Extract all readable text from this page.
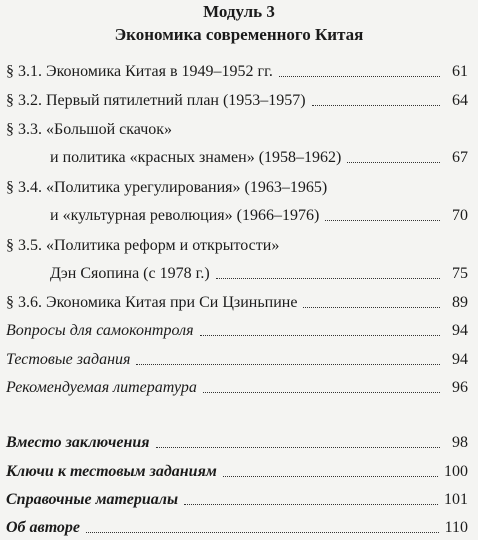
Модуль 3
Экономика современного Китая
§ 3.1. Экономика Китая в 1949–1952 гг.	61
§ 3.2. Первый пятилетний план (1953–1957)	64
§ 3.3. «Большой скачок»
и политика «красных знамен» (1958–1962)	67
§ 3.4. «Политика урегулирования» (1963–1965)
и «культурная революция» (1966–1976)	70
§ 3.5. «Политика реформ и открытости»
Дэн Сяопина (с 1978 г.)	75
§ 3.6. Экономика Китая при Си Цзиньпине	89
Вопросы для самоконтроля	94
Тестовые задания	94
Рекомендуемая литература	96
Вместо заключения	98
Ключи к тестовым заданиям	100
Справочные материалы	101
Об авторе	110
